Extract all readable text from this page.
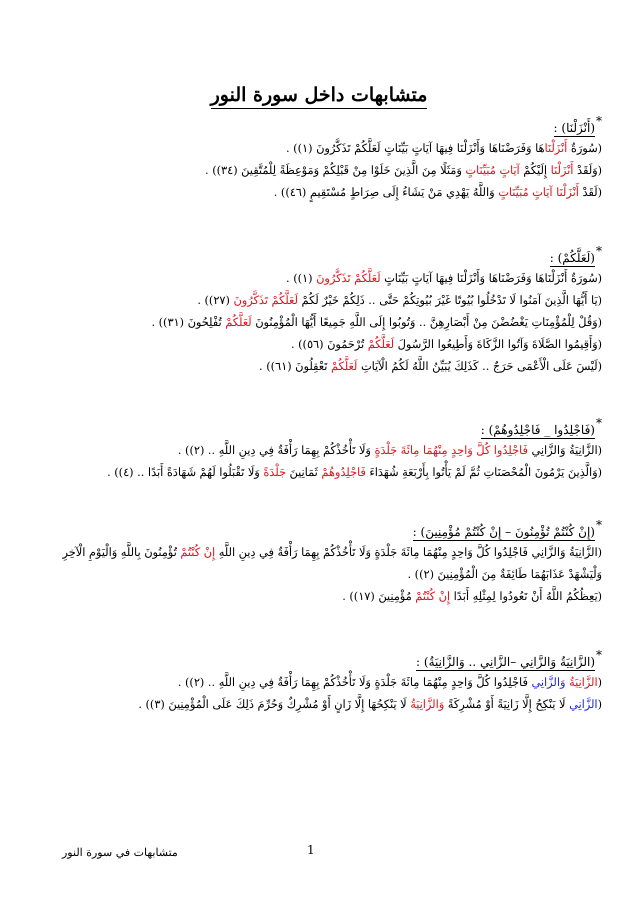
متشابهات داخل سورة النور
*(أَنْزَلْنَا) :
(سُورَةٌ أَنْزَلْنَاهَا وَفَرَضْنَاهَا وَأَنْزَلْنَا فِيهَا آيَاتٍ بَيِّنَاتٍ لَعَلَّكُمْ تَذَكَّرُونَ (١)) .
(وَلَقَدْ أَنْزَلْنَا إِلَيْكُمْ آيَاتٍ مُبَيِّنَاتٍ وَمَثَلًا مِنَ الَّذِينَ خَلَوْا مِنْ قَبْلِكُمْ وَمَوْعِظَةً لِلْمُتَّقِينَ (٣٤)) .
(لَقَدْ أَنْزَلْنَا آيَاتٍ مُبَيِّنَاتٍ وَاللَّهُ يَهْدِي مَنْ يَشَاءُ إِلَى صِرَاطٍ مُسْتَقِيمٍ (٤٦)) .
*(لَعَلَّكُمْ) :
(سُورَةٌ أَنْزَلْنَاهَا وَفَرَضْنَاهَا وَأَنْزَلْنَا فِيهَا آيَاتٍ بَيِّنَاتٍ لَعَلَّكُمْ تَذَكَّرُونَ (١)) .
(يَا أَيُّهَا الَّذِينَ آمَنُوا لَا تَدْخُلُوا بُيُوتًا غَيْرَ بُيُوتِكُمْ حَتَّى .. ذَلِكُمْ خَيْرٌ لَكُمْ لَعَلَّكُمْ تَذَكَّرُونَ (٢٧)) .
(وَقُلْ لِلْمُؤْمِنَاتِ يَغْضُضْنَ مِنْ أَبْصَارِهِنَّ .. وَتُوبُوا إِلَى اللَّهِ جَمِيعًا أَيُّهَا الْمُؤْمِنُونَ لَعَلَّكُمْ تُفْلِحُونَ (٣١)) .
(وَأَقِيمُوا الصَّلَاةَ وَآتُوا الزَّكَاةَ وَأَطِيعُوا الرَّسُولَ لَعَلَّكُمْ تُرْحَمُونَ (٥٦)) .
(لَيْسَ عَلَى الْأَعْمَى حَرَجٌ .. كَذَلِكَ يُبَيِّنُ اللَّهُ لَكُمُ الْآيَاتِ لَعَلَّكُمْ تَعْقِلُونَ (٦١)) .
*(فَاجْلِدُوا _ فَاجْلِدُوهُمْ) :
(الزَّانِيَةُ وَالزَّانِي فَاجْلِدُوا كُلَّ وَاحِدٍ مِنْهُمَا مِائَةَ جَلْدَةٍ وَلَا تَأْخُذْكُمْ بِهِمَا رَأْفَةٌ فِي دِينِ اللَّهِ .. (٢)) .
(وَالَّذِينَ يَرْمُونَ الْمُحْصَنَاتِ ثُمَّ لَمْ يَأْتُوا بِأَرْبَعَةِ شُهَدَاءَ فَاجْلِدُوهُمْ ثَمَانِينَ جَلْدَةً وَلَا تَقْبَلُوا لَهُمْ شَهَادَةً أَبَدًا .. (٤)) .
*(إِنْ كُنْتُمْ تُؤْمِنُونَ – إِنْ كُنْتُمْ مُؤْمِنِينَ) :
(الزَّانِيَةُ وَالزَّانِي فَاجْلِدُوا كُلَّ وَاحِدٍ مِنْهُمَا مِائَةَ جَلْدَةٍ وَلَا تَأْخُذْكُمْ بِهِمَا رَأْفَةٌ فِي دِينِ اللَّهِ إِنْ كُنْتُمْ تُؤْمِنُونَ بِاللَّهِ وَالْيَوْمِ الْآخِرِ
وَلْيَشْهَدْ عَذَابَهُمَا طَائِفَةٌ مِنَ الْمُؤْمِنِينَ (٢)) .
(يَعِظُكُمُ اللَّهُ أَنْ تَعُودُوا لِمِثْلِهِ أَبَدًا إِنْ كُنْتُمْ مُؤْمِنِينَ (١٧)) .
*(الزَّانِيَةُ وَالزَّانِي –الزَّانِي .. وَالزَّانِيَةُ) :
(الزَّانِيَةُ وَالزَّانِي فَاجْلِدُوا كُلَّ وَاحِدٍ مِنْهُمَا مِائَةَ جَلْدَةٍ وَلَا تَأْخُذْكُمْ بِهِمَا رَأْفَةٌ فِي دِينِ اللَّهِ .. (٢)) .
(الزَّانِي لَا يَنْكِحُ إِلَّا زَانِيَةً أَوْ مُشْرِكَةً وَالزَّانِيَةُ لَا يَنْكِحُهَا إِلَّا زَانٍ أَوْ مُشْرِكٌ وَحُرِّمَ ذَلِكَ عَلَى الْمُؤْمِنِينَ (٣)) .
1
متشابهات في سورة النور
